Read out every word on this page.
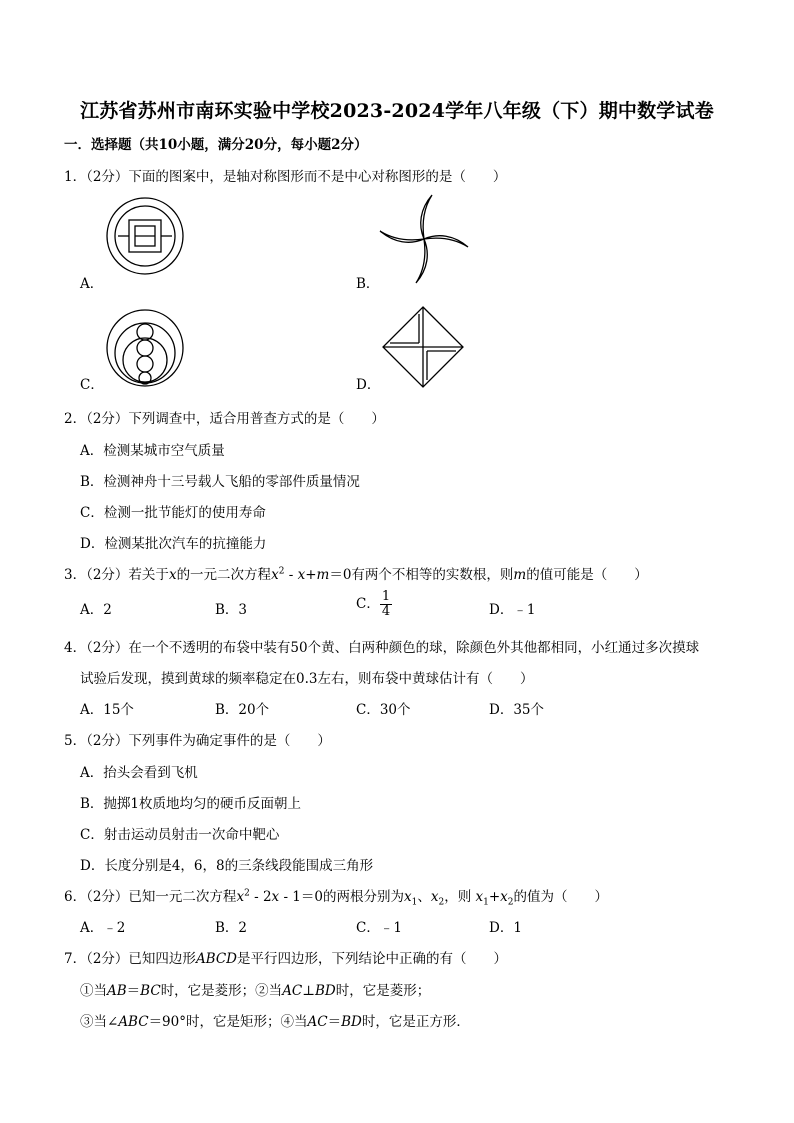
江苏省苏州市南环实验中学校2023-2024学年八年级（下）期中数学试卷
一．选择题（共10小题，满分20分，每小题2分）
1．（2分）下面的图案中，是轴对称图形而不是中心对称图形的是（　　）
A．	B．
C．	D．
2．（2分）下列调查中，适合用普查方式的是（　　）
A．检测某城市空气质量
B．检测神舟十三号载人飞船的零部件质量情况
C．检测一批节能灯的使用寿命
D．检测某批次汽车的抗撞能力
3．（2分）若关于x的一元二次方程$x^2 - x+m=0$有两个不相等的实数根，则m的值可能是（　　）
A．2	B．3	C． $\frac{1}{4}$	D．﹣1
4．（2分）在一个不透明的布袋中装有50个黄、白两种颜色的球，除颜色外其他都相同，小红通过多次摸球
试验后发现，摸到黄球的频率稳定在0.3左右，则布袋中黄球估计有（　　）
A．15个	B．20个	C．30个	D．35个
5．（2分）下列事件为确定事件的是（　　）
A．抬头会看到飞机
B．抛掷1枚质地均匀的硬币反面朝上
C．射击运动员射击一次命中靶心
D．长度分别是4，6，8的三条线段能围成三角形
6．（2分）已知一元二次方程$x^2 - 2x - 1=0$的两根分别为$x_1$、$x_2$，则 $x_1+x_2$的值为（　　）
A．﹣2	B．2	C．﹣1	D．1
7．（2分）已知四边形ABCD是平行四边形，下列结论中正确的有（　　）
①当AB＝BC时，它是菱形；②当AC⊥BD时，它是菱形；
③当∠ABC＝90°时，它是矩形；④当AC＝BD时，它是正方形．
